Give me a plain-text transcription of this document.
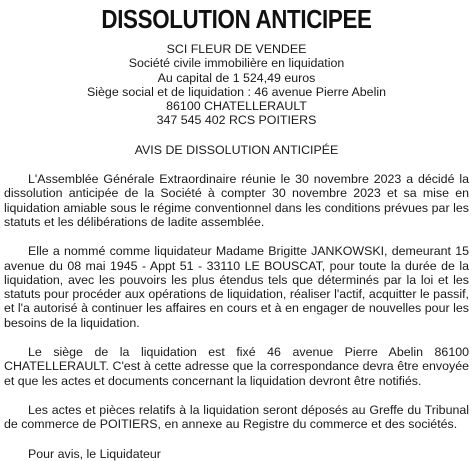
DISSOLUTION ANTICIPEE
SCI FLEUR DE VENDEE
Société civile immobilière en liquidation
Au capital de 1 524,49 euros
Siège social et de liquidation : 46 avenue Pierre Abelin
86100 CHATELLERAULT
347 545 402 RCS POITIERS
AVIS DE DISSOLUTION ANTICIPÉE

L'Assemblée Générale Extraordinaire réunie le 30 novembre 2023 a décidé la dissolution anticipée de la Société à compter 30 novembre 2023 et sa mise en liquidation amiable sous le régime conventionnel dans les conditions prévues par les statuts et les délibérations de ladite assemblée.

Elle a nommé comme liquidateur Madame Brigitte JANKOWSKI, demeurant 15 avenue du 08 mai 1945 - Appt 51 - 33110 LE BOUSCAT, pour toute la durée de la liquidation, avec les pouvoirs les plus étendus tels que déterminés par la loi et les statuts pour procéder aux opérations de liquidation, réaliser l'actif, acquitter le passif, et l'a autorisé à continuer les affaires en cours et à en engager de nouvelles pour les besoins de la liquidation.

Le siège de la liquidation est fixé 46 avenue Pierre Abelin 86100 CHATELLERAULT. C'est à cette adresse que la correspondance devra être envoyée et que les actes et documents concernant la liquidation devront être notifiés.

Les actes et pièces relatifs à la liquidation seront déposés au Greffe du Tribunal de commerce de POITIERS, en annexe au Registre du commerce et des sociétés.

Pour avis, le Liquidateur
